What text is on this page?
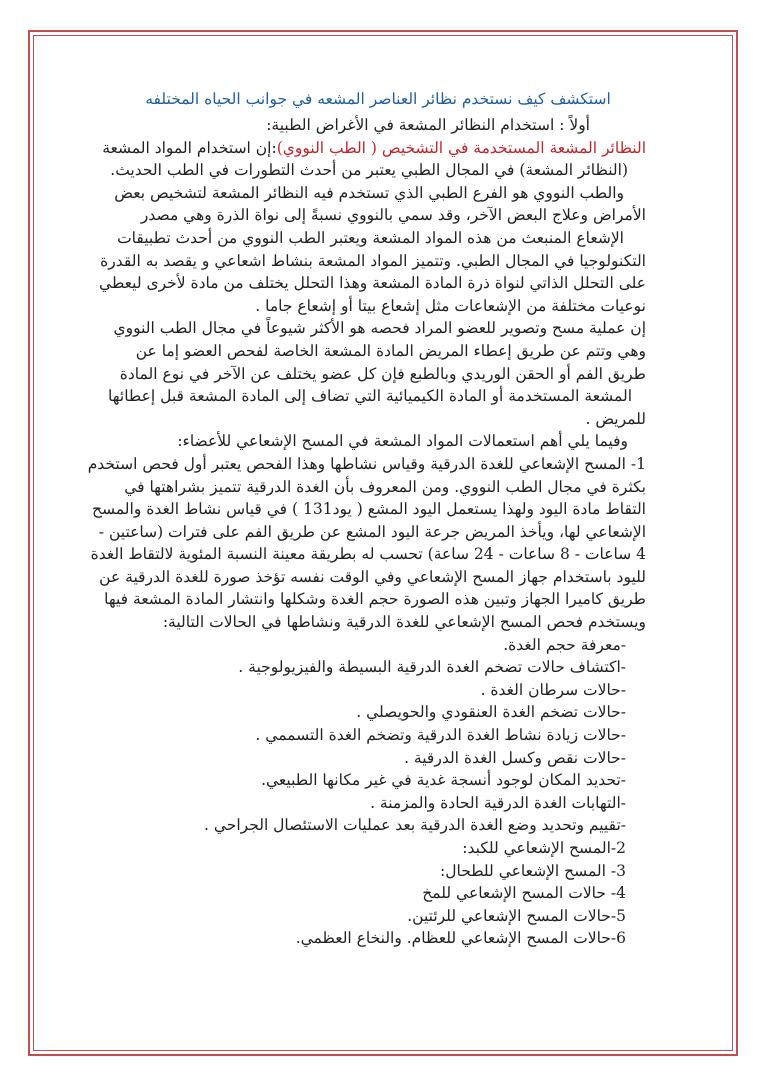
استكشف كيف نستخدم نظائر العناصر المشعه في جوانب الحياه المختلفه

أولاً : استخدام النظائر المشعة في الأغراض الطبية:

النظائر المشعة المستخدمة في التشخيص ( الطب النووي):إن استخدام المواد المشعة

(النظائر المشعة) في المجال الطبي يعتبر من أحدث التطورات في الطب الحديث.

والطب النووي هو الفرع الطبي الذي تستخدم فيه النظائر المشعة لتشخيص بعض

الأمراض وعلاج البعض الآخر، وقد سمي بالنووي نسبةً إلى نواة الذرة وهي مصدر

الإشعاع المنبعث من هذه المواد المشعة ويعتبر الطب النووي من أحدث تطبيقات

التكنولوجيا في المجال الطبي. وتتميز المواد المشعة بنشاط اشعاعي و يقصد به القدرة

على التحلل الذاتي لنواة ذرة المادة المشعة وهذا التحلل يختلف من مادة لأخرى ليعطي

نوعيات مختلفة من الإشعاعات مثل إشعاع بيتا أو إشعاع جاما .

إن عملية مسح وتصوير للعضو المراد فحصه هو الأكثر شيوعاً في مجال الطب النووي

وهي وتتم عن طريق إعطاء المريض المادة المشعة الخاصة لفحص العضو إما عن

طريق الفم أو الحقن الوريدي وبالطبع فإن كل عضو يختلف عن الآخر في نوع المادة

المشعة المستخدمة أو المادة الكيميائية التي تضاف إلى المادة المشعة قبل إعطائها

للمريض .

وفيما يلي أهم استعمالات المواد المشعة في المسح الإشعاعي للأعضاء:

1- المسح الإشعاعي للغدة الدرقية وقياس نشاطها وهذا الفحص يعتبر أول فحص استخدم

بكثرة في مجال الطب النووي. ومن المعروف بأن الغدة الدرقية تتميز بشراهتها في

التقاط مادة اليود ولهذا يستعمل اليود المشع ( يود131 ) في قياس نشاط الغدة والمسح

الإشعاعي لها، ويأخذ المريض جرعة اليود المشع عن طريق الفم على فترات (ساعتين -

4 ساعات - 8 ساعات - 24 ساعة) تحسب له بطريقة معينة النسبة المئوية لالتقاط الغدة

لليود باستخدام جهاز المسح الإشعاعي وفي الوقت نفسه تؤخذ صورة للغدة الدرقية عن

طريق كاميرا الجهاز وتبين هذه الصورة حجم الغدة وشكلها وانتشار المادة المشعة فيها

ويستخدم فحص المسح الإشعاعي للغدة الدرقية ونشاطها في الحالات التالية:

-معرفة حجم الغدة.

-اكتشاف حالات تضخم الغدة الدرقية البسيطة والفيزيولوجية .

-حالات سرطان الغدة .

-حالات تضخم الغدة العنقودي والحويصلي .

-حالات زيادة نشاط الغدة الدرقية وتضخم الغدة التسممي .

-حالات نقص وكسل الغدة الدرقية .

-تحديد المكان لوجود أنسجة غدية في غير مكانها الطبيعي.

-التهابات الغدة الدرقية الحادة والمزمنة .

-تقييم وتحديد وضع الغدة الدرقية بعد عمليات الاستئصال الجراحي .

2-المسح الإشعاعي للكبد:

3- المسح الإشعاعي للطحال:

4- حالات المسح الإشعاعي للمخ

5-حالات المسح الإشعاعي للرئتين.

6-حالات المسح الإشعاعي للعظام. والنخاع العظمي.
